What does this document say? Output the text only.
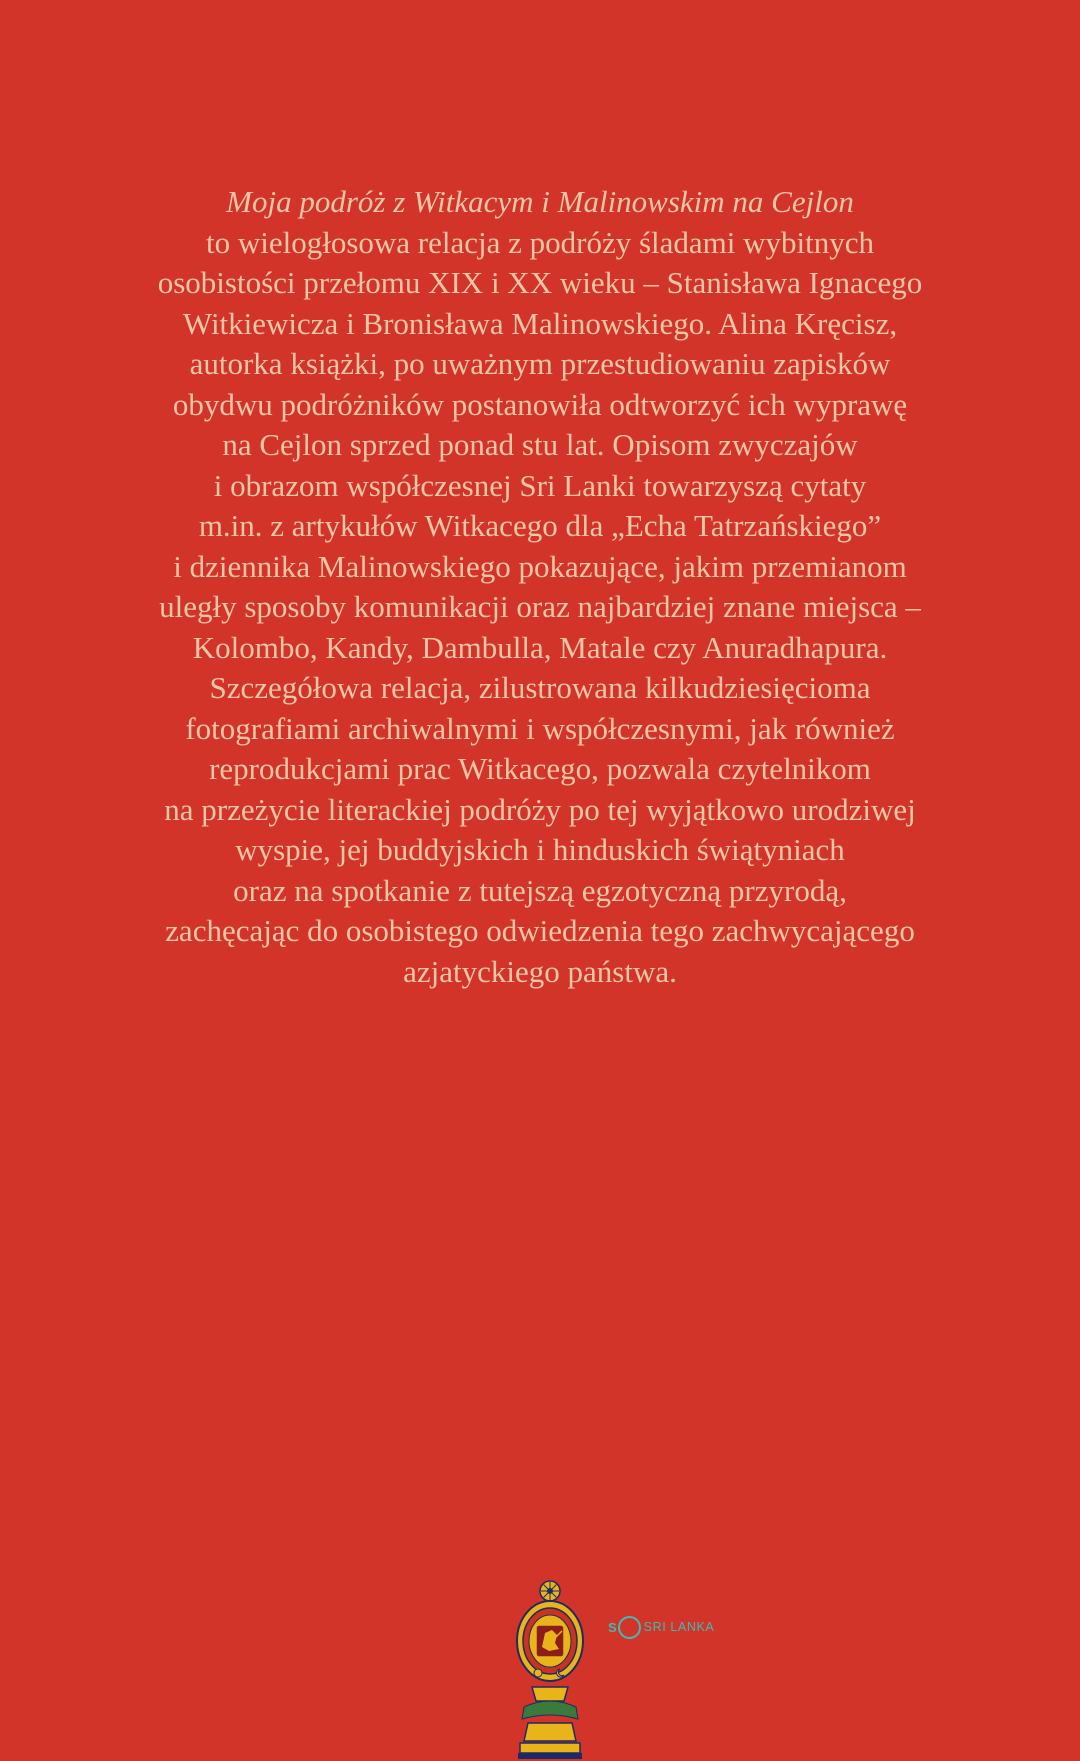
Moja podróż z Witkacym i Malinowskim na Cejlon
to wielogłosowa relacja z podróży śladami wybitnych
osobistości przełomu XIX i XX wieku – Stanisława Ignacego
Witkiewicza i Bronisława Malinowskiego. Alina Kręcisz,
autorka książki, po uważnym przestudiowaniu zapisków
obydwu podróżników postanowiła odtworzyć ich wyprawę
na Cejlon sprzed ponad stu lat. Opisom zwyczajów
i obrazom współczesnej Sri Lanki towarzyszą cytaty
m.in. z artykułów Witkacego dla „Echa Tatrzańskiego”
i dziennika Malinowskiego pokazujące, jakim przemianom
uległy sposoby komunikacji oraz najbardziej znane miejsca –
Kolombo, Kandy, Dambulla, Matale czy Anuradhapura.
Szczegółowa relacja, zilustrowana kilkudziesięcioma
fotografiami archiwalnymi i współczesnymi, jak również
reprodukcjami prac Witkacego, pozwala czytelnikom
na przeżycie literackiej podróży po tej wyjątkowo urodziwej
wyspie, jej buddyjskich i hinduskich świątyniach
oraz na spotkanie z tutejszą egzotyczną przyrodą,
zachęcając do osobistego odwiedzenia tego zachwycającego
azjatyckiego państwa.
S SRI LANKA
